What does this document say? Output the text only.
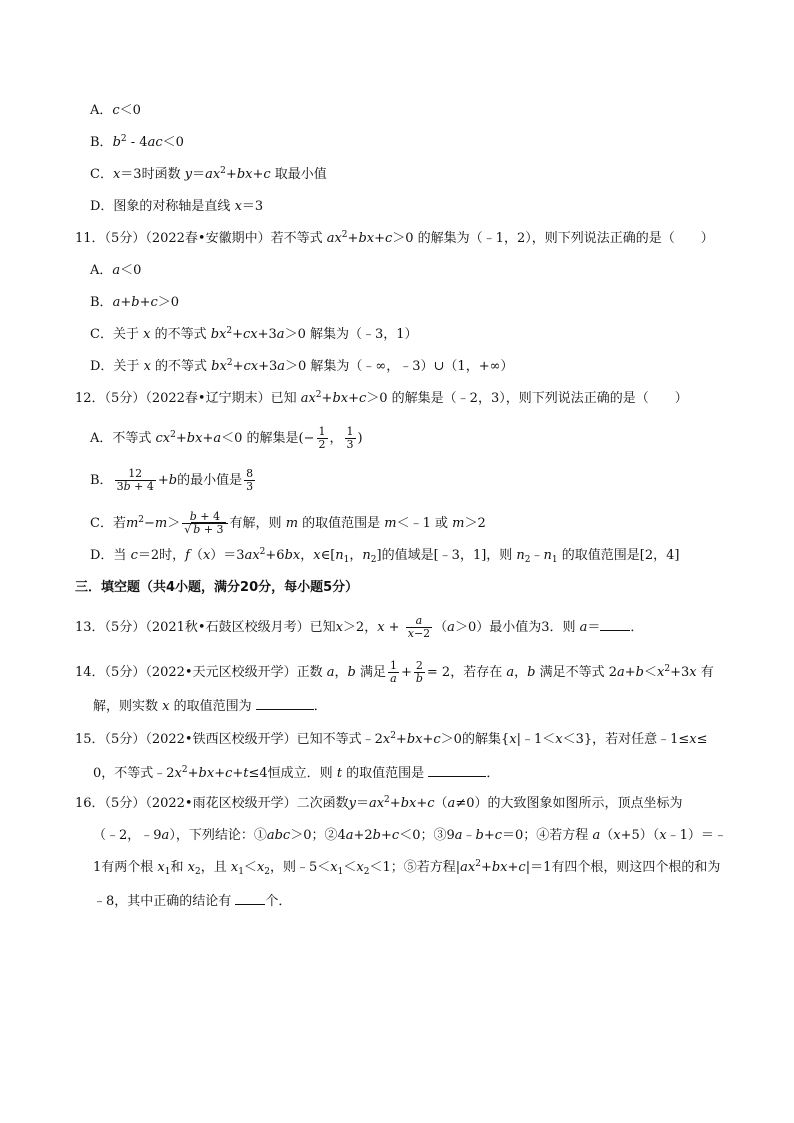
A．c＜0
B．$b^2 - 4ac<0$
C．x＝3时函数 $y=ax^2+bx+c$ 取最小值
D．图象的对称轴是直线 x＝3
11．（5分）（2022春•安徽期中）若不等式 $ax^2+bx+c>0$ 的解集为（﹣1，2），则下列说法正确的是（　　）
A．a＜0
B．a+b+c＞0
C．关于 x 的不等式 $bx^2+cx+3a>0$ 解集为（﹣3，1）
D．关于 x 的不等式 $bx^2+cx+3a>0$ 解集为（﹣∞，﹣3）∪（1，+∞）
12．（5分）（2022春•辽宁期末）已知 $ax^2+bx+c>0$ 的解集是（﹣2，3），则下列说法正确的是（　　）
A．不等式 $cx^2+bx+a<0$ 的解集是(− $\frac{1}{2}$ ， $\frac{1}{3}$ )
B． $\frac{12}{3b + 4} +b$的最小值是 $\frac{8}{3}$
C．若$m^2-m> \frac{b + 4}{√ b + 3}$ 有解，则 m 的取值范围是 m＜﹣1 或 m＞2
D．当 c＝2时，$f(x)=3ax^2+6bx$，$x\in[n_1$，$n_2$]的值域是[﹣3，1]，则 $n_2﹣n_1$ 的取值范围是[2，4]
三．填空题（共4小题，满分20分，每小题5分）
13．（5分）（2021秋•石鼓区校级月考）已知x＞2，$x + \frac{a}{x-2} (a>0)$最小值为3．则 a＝ ．
14．（5分）（2022•天元区校级开学）正数 a，b 满足 $\frac{1}{a} + \frac{2}{b} = 2$，若存在 a，b 满足不等式 $2a+b<x^2+3x$ 有
解，则实数 x 的取值范围为	．
15．（5分）（2022•铁西区校级开学）已知不等式$﹣2x^2+bx+c>0$的解集{x|﹣1＜x＜3}，若对任意﹣1≤x≤
0，不等式$﹣2x^2+bx+c+t\le 4$恒成立．则 t 的取值范围是	．
16．（5分）（2022•雨花区校级开学）二次函数$y=ax^2+bx+c(a\ne 0)$的大致图象如图所示，顶点坐标为
（﹣2，﹣9a），下列结论：①abc＞0；②4a+2b+c＜0；③9a﹣b+c＝0；④若方程 a（x+5）（x﹣1）＝﹣
1有两个根 $x_1$和 $x_2$，且 $x_1<x_2$，则$﹣5<x_1<x_2<1$；⑤若方程$|ax^2+bx+c|=1$有四个根，则这四个根的和为
﹣8，其中正确的结论有 个．
